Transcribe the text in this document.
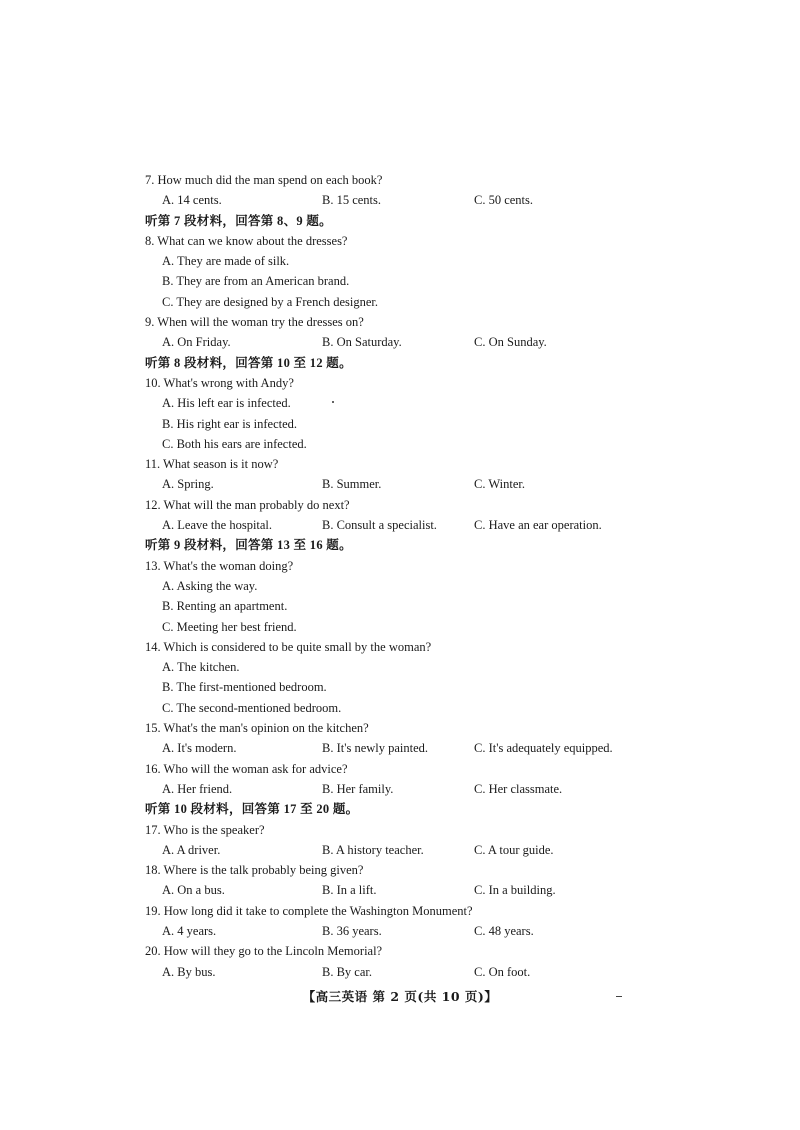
7. How much did the man spend on each book?
A. 14 cents.	B. 15 cents.	C. 50 cents.
听第 7 段材料，回答第 8、9 题。
8. What can we know about the dresses?
A. They are made of silk.
B. They are from an American brand.
C. They are designed by a French designer.
9. When will the woman try the dresses on?
A. On Friday.	B. On Saturday.	C. On Sunday.
听第 8 段材料，回答第 10 至 12 题。
10. What's wrong with Andy?
A. His left ear is infected.
B. His right ear is infected.
C. Both his ears are infected.
11. What season is it now?
A. Spring.	B. Summer.	C. Winter.
12. What will the man probably do next?
A. Leave the hospital.	B. Consult a specialist.	C. Have an ear operation.
听第 9 段材料，回答第 13 至 16 题。
13. What's the woman doing?
A. Asking the way.
B. Renting an apartment.
C. Meeting her best friend.
14. Which is considered to be quite small by the woman?
A. The kitchen.
B. The first-mentioned bedroom.
C. The second-mentioned bedroom.
15. What's the man's opinion on the kitchen?
A. It's modern.	B. It's newly painted.	C. It's adequately equipped.
16. Who will the woman ask for advice?
A. Her friend.	B. Her family.	C. Her classmate.
听第 10 段材料，回答第 17 至 20 题。
17. Who is the speaker?
A. A driver.	B. A history teacher.	C. A tour guide.
18. Where is the talk probably being given?
A. On a bus.	B. In a lift.	C. In a building.
19. How long did it take to complete the Washington Monument?
A. 4 years.	B. 36 years.	C. 48 years.
20. How will they go to the Lincoln Memorial?
A. By bus.	B. By car.	C. On foot.
【高三英语 第 2 页(共 10 页)】
